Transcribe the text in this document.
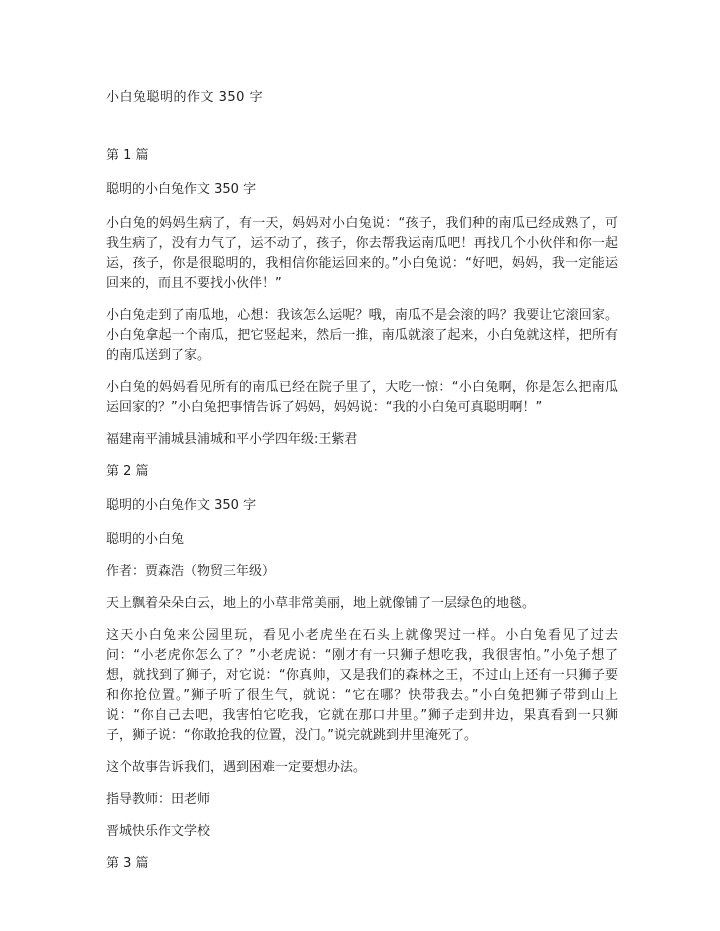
小白兔聪明的作文 350 字

第 1 篇

聪明的小白兔作文 350 字

小白兔的妈妈生病了，有一天，妈妈对小白兔说：“孩子，我们种的南瓜已经成熟了，可我生病了，没有力气了，运不动了，孩子，你去帮我运南瓜吧！再找几个小伙伴和你一起运，孩子，你是很聪明的，我相信你能运回来的。”小白兔说：“好吧，妈妈，我一定能运回来的，而且不要找小伙伴！”

小白兔走到了南瓜地，心想：我该怎么运呢？哦，南瓜不是会滚的吗？我要让它滚回家。小白兔拿起一个南瓜，把它竖起来，然后一推，南瓜就滚了起来，小白兔就这样，把所有的南瓜送到了家。

小白兔的妈妈看见所有的南瓜已经在院子里了，大吃一惊：“小白兔啊，你是怎么把南瓜运回家的？”小白兔把事情告诉了妈妈，妈妈说：“我的小白兔可真聪明啊！”

福建南平浦城县浦城和平小学四年级:王紫君

第 2 篇

聪明的小白兔作文 350 字

聪明的小白兔

作者：贾森浩（物贸三年级）

天上飘着朵朵白云，地上的小草非常美丽，地上就像铺了一层绿色的地毯。

这天小白兔来公园里玩，看见小老虎坐在石头上就像哭过一样。小白兔看见了过去问：“小老虎你怎么了？”小老虎说：“刚才有一只狮子想吃我，我很害怕。”小兔子想了想，就找到了狮子，对它说：“你真帅，又是我们的森林之王，不过山上还有一只狮子要和你抢位置。”狮子听了很生气，就说：“它在哪？快带我去。”小白兔把狮子带到山上说：“你自己去吧，我害怕它吃我，它就在那口井里。”狮子走到井边，果真看到一只狮子，狮子说：“你敢抢我的位置，没门。”说完就跳到井里淹死了。

这个故事告诉我们，遇到困难一定要想办法。

指导教师：田老师

晋城快乐作文学校

第 3 篇
